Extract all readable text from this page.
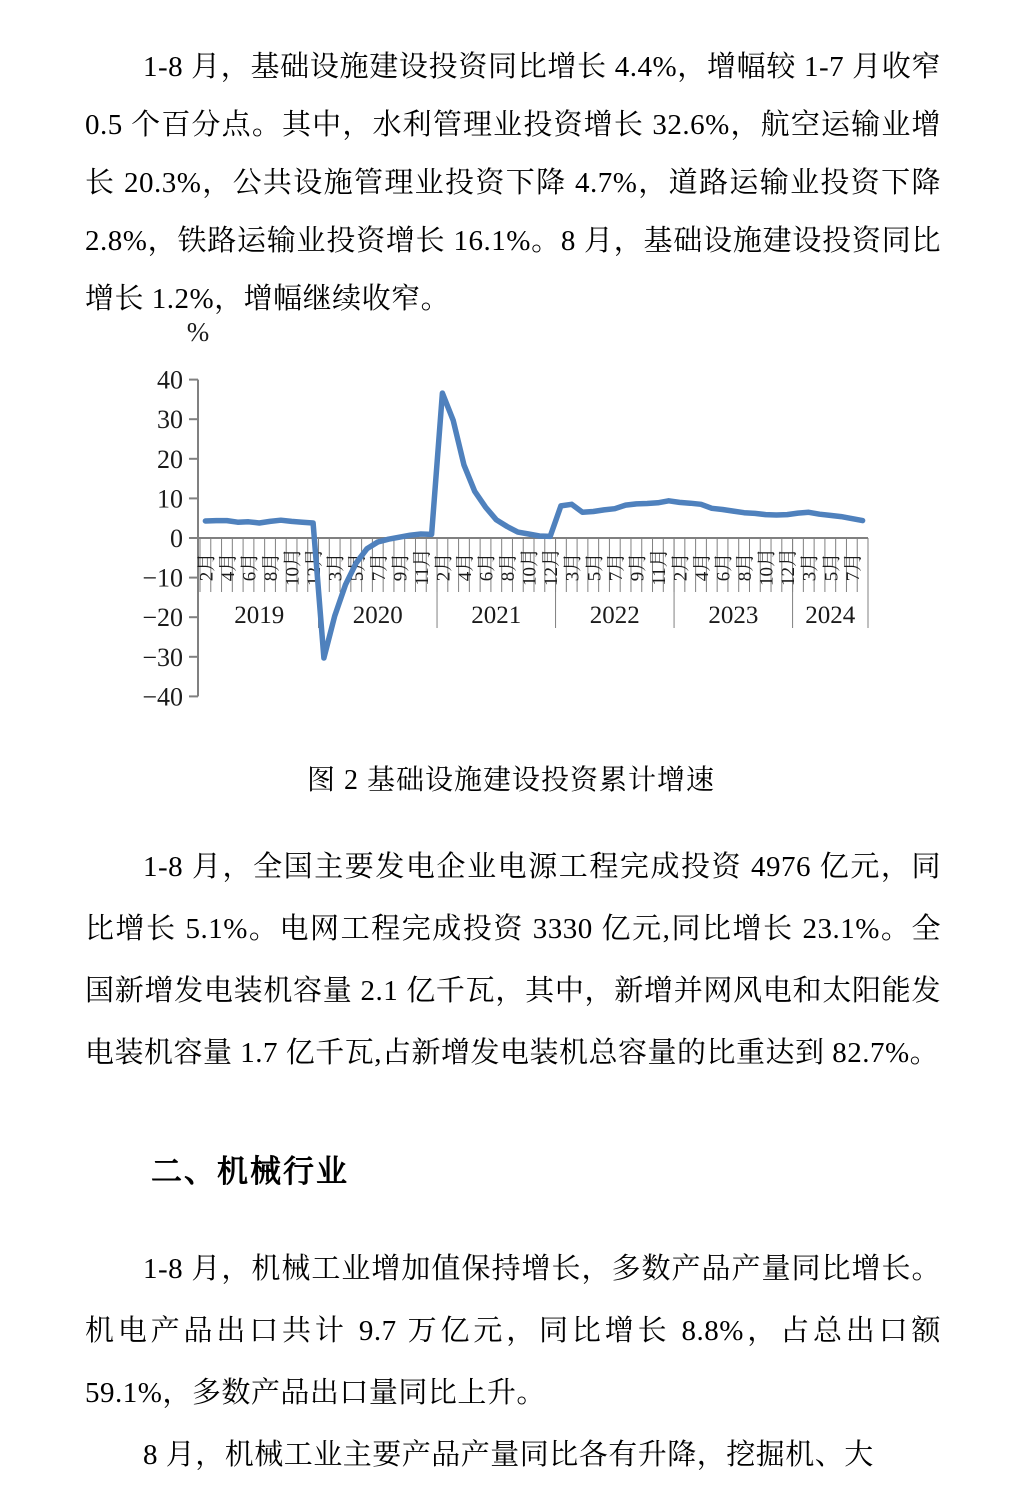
1-8 月，基础设施建设投资同比增长 4.4%，增幅较 1-7 月收窄 0.5 个百分点。其中，水利管理业投资增长 32.6%，航空运输业增长 20.3%，公共设施管理业投资下降 4.7%，道路运输业投资下降 2.8%，铁路运输业投资增长 16.1%。8 月，基础设施建设投资同比增长 1.2%，增幅继续收窄。

40
30
20
10
0
−10
−20
−30
−40
%
2019	2020	2021	2022	2023 2024
2月 4月 6月 8月 10月 12月 3月 5月 7月 9月 11月 2月 4月 6月 8月 10月 12月 3月 5月 7月 9月 11月 2月 4月 6月 8月 10月 12月 3月 5月 7月
图 2 基础设施建设投资累计增速

1-8 月，全国主要发电企业电源工程完成投资 4976 亿元，同比增长 5.1%。电网工程完成投资 3330 亿元,同比增长 23.1%。全国新增发电装机容量 2.1 亿千瓦，其中，新增并网风电和太阳能发电装机容量 1.7 亿千瓦,占新增发电装机总容量的比重达到 82.7%。

二、机械行业

1-8 月，机械工业增加值保持增长，多数产品产量同比增长。机电产品出口共计 9.7 万亿元，同比增长 8.8%，占总出口额 59.1%，多数产品出口量同比上升。

8 月，机械工业主要产品产量同比各有升降，挖掘机、大
